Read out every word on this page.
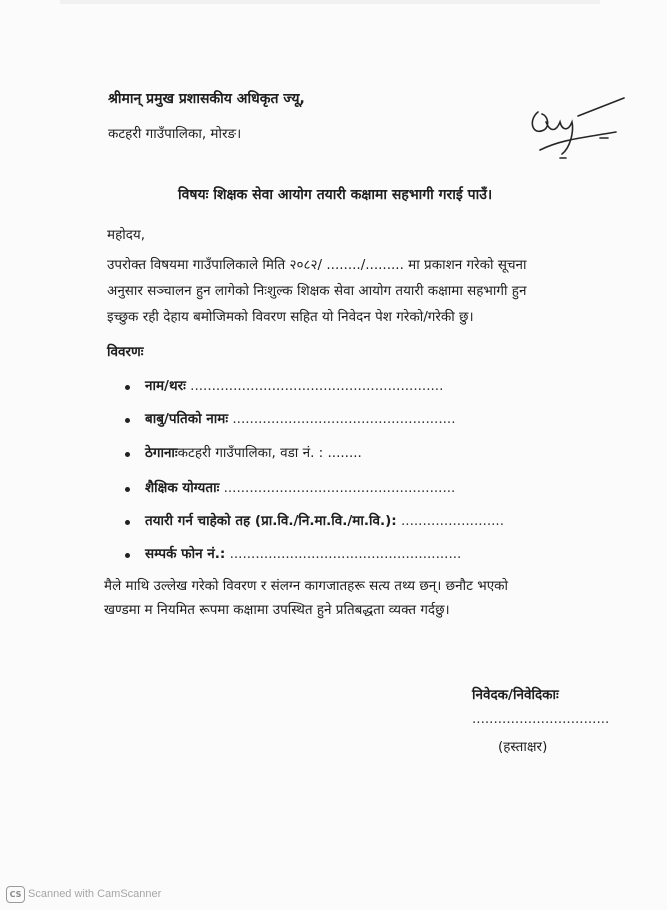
श्रीमान् प्रमुख प्रशासकीय अधिकृत ज्यू,
कटहरी गाउँपालिका, मोरङ।
विषयः शिक्षक सेवा आयोग तयारी कक्षामा सहभागी गराई पाउँ।
महोदय,
उपरोक्त विषयमा गाउँपालिकाले मिति २०८२/ ......../......... मा प्रकाशन गरेको सूचना
अनुसार सञ्चालन हुन लागेको निःशुल्क शिक्षक सेवा आयोग तयारी कक्षामा सहभागी हुन
इच्छुक रही देहाय बमोजिमको विवरण सहित यो निवेदन पेश गरेको/गरेकी छु।
विवरणः
नाम/थरः ...........................................................
बाबु/पतिको नामः ....................................................
ठेगानाःकटहरी गाउँपालिका, वडा नं. : ........
शैक्षिक योग्यताः ......................................................
तयारी गर्न चाहेको तह (प्रा.वि./नि.मा.वि./मा.वि.): ........................
सम्पर्क फोन नं.: ......................................................
मैले माथि उल्लेख गरेको विवरण र संलग्न कागजातहरू सत्य तथ्य छन्। छनौट भएको
खण्डमा म नियमित रूपमा कक्षामा उपस्थित हुने प्रतिबद्धता व्यक्त गर्दछु।
निवेदक/निवेदिकाः
................................
(हस्ताक्षर)
CS Scanned with CamScanner
